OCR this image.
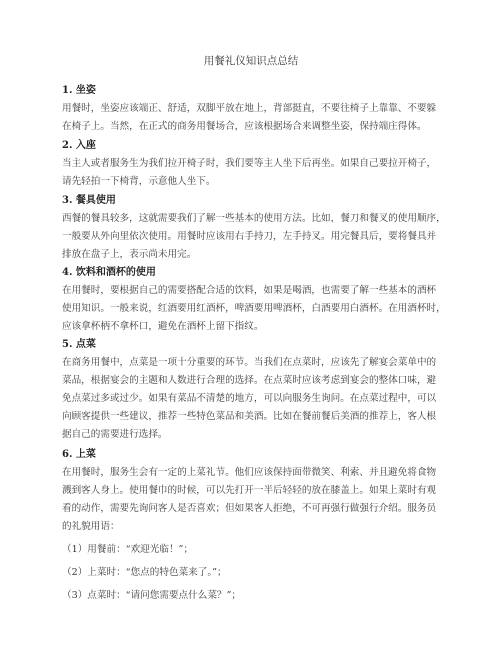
用餐礼仪知识点总结
1. 坐姿
用餐时，坐姿应该端正、舒适，双脚平放在地上，背部挺直，不要往椅子上靠靠、不要躲
在椅子上。当然，在正式的商务用餐场合，应该根据场合来调整坐姿，保持端庄得体。
2. 入座
当主人或者服务生为我们拉开椅子时，我们要等主人坐下后再坐。如果自己要拉开椅子，
请先轻拍一下椅背，示意他人坐下。
3. 餐具使用
西餐的餐具较多，这就需要我们了解一些基本的使用方法。比如，餐刀和餐叉的使用顺序，
一般要从外向里依次使用。用餐时应该用右手持刀，左手持叉。用完餐具后，要将餐具并
排放在盘子上，表示尚未用完。
4. 饮料和酒杯的使用
在用餐时，要根据自己的需要搭配合适的饮料，如果是喝酒，也需要了解一些基本的酒杯
使用知识。一般来说，红酒要用红酒杯，啤酒要用啤酒杯，白酒要用白酒杯。在用酒杯时，
应该拿杯柄不拿杯口，避免在酒杯上留下指纹。
5. 点菜
在商务用餐中，点菜是一项十分重要的环节。当我们在点菜时，应该先了解宴会菜单中的
菜品，根据宴会的主题和人数进行合理的选择。在点菜时应该考虑到宴会的整体口味，避
免点菜过多或过少。如果有菜品不清楚的地方，可以向服务生询问。在点菜过程中，可以
向顾客提供一些建议，推荐一些特色菜品和美酒。比如在餐前餐后美酒的推荐上，客人根
据自己的需要进行选择。
6. 上菜
在用餐时，服务生会有一定的上菜礼节。他们应该保持面带微笑、利索、并且避免将食物
溅到客人身上。使用餐巾的时候，可以先打开一半后轻轻的放在膝盖上。如果上菜时有观
看的动作，需要先询问客人是否喜欢；但如果客人拒绝，不可再强行做强行介绍。服务员
的礼貌用语：
（1）用餐前：“欢迎光临！”；
（2）上菜时：“您点的特色菜来了。”；
（3）点菜时：“请问您需要点什么菜？”；
